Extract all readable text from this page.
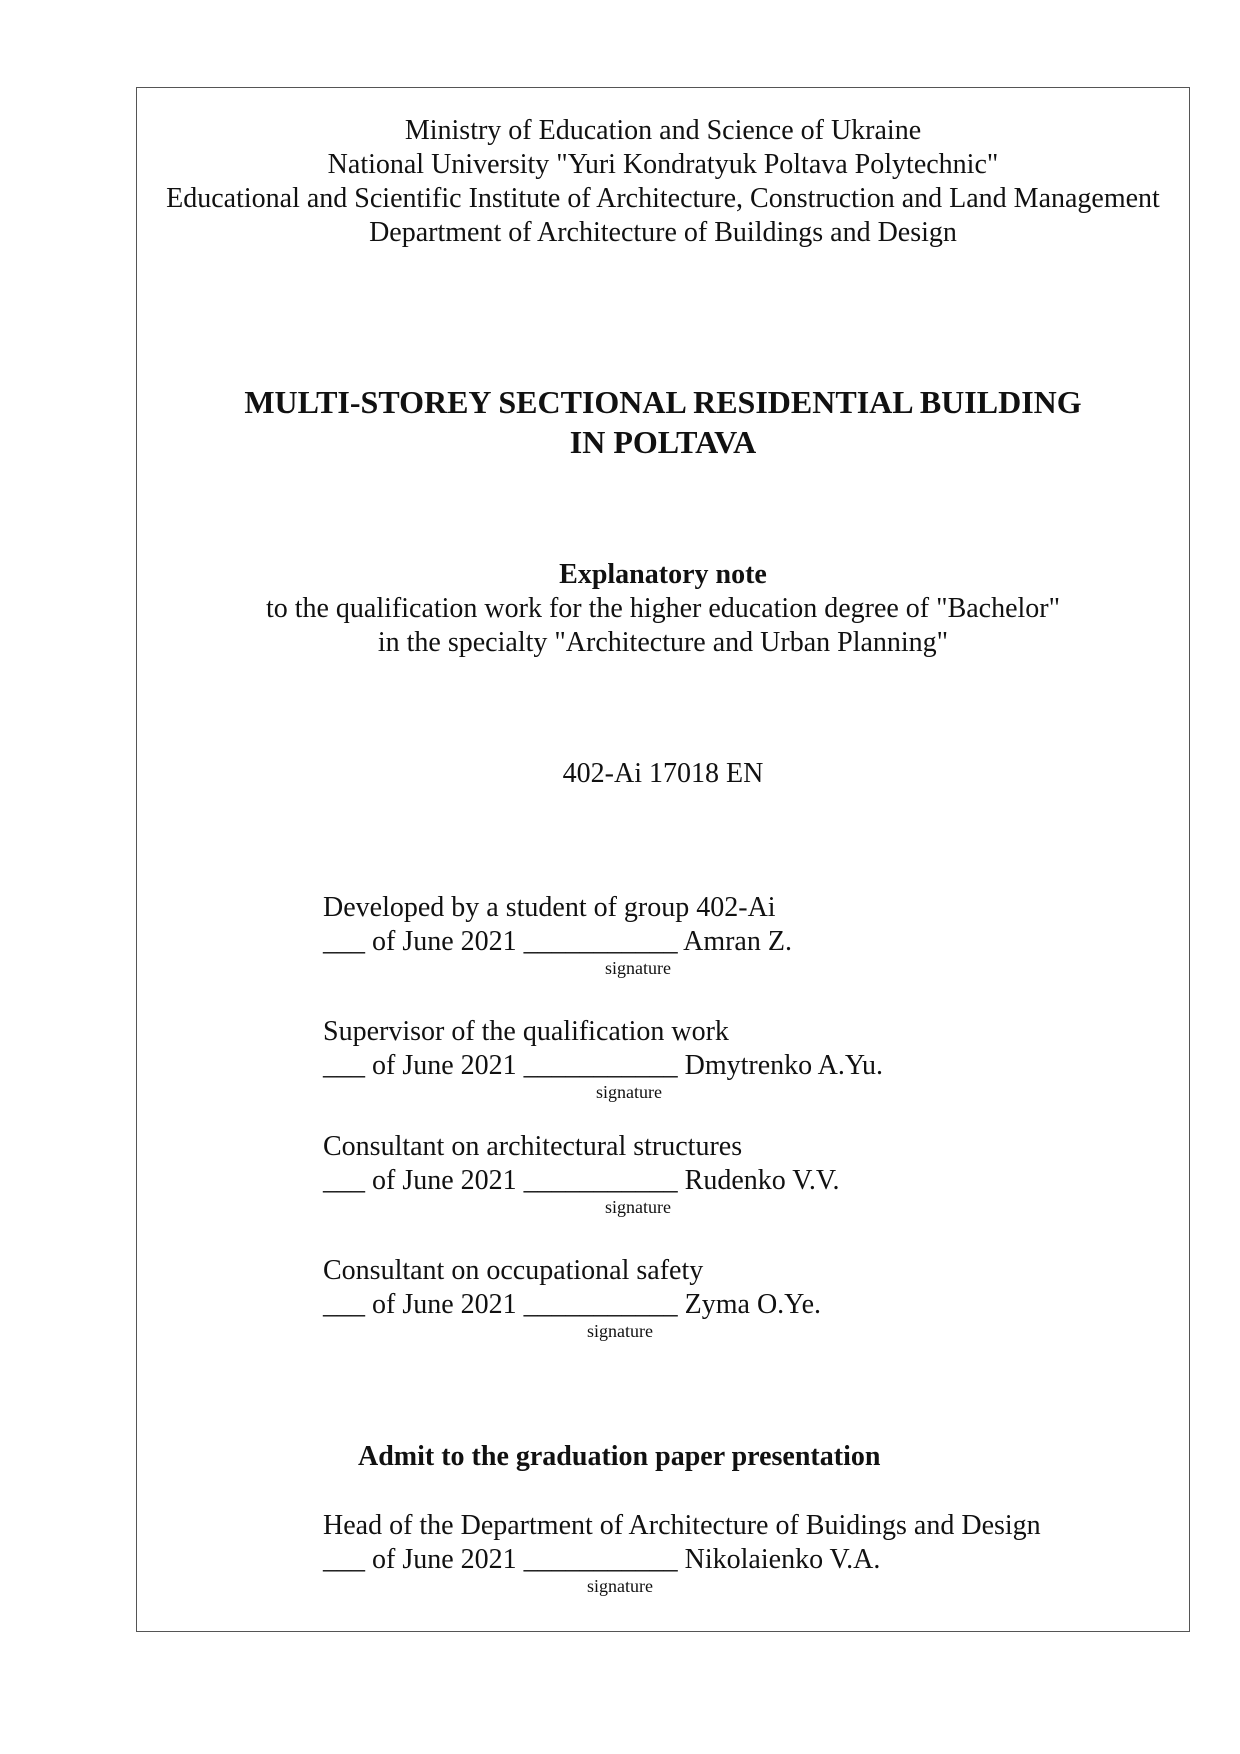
Ministry of Education and Science of Ukraine
National University "Yuri Kondratyuk Poltava Polytechnic"
Educational and Scientific Institute of Architecture, Construction and Land Management
Department of Architecture of Buildings and Design
MULTI-STOREY SECTIONAL RESIDENTIAL BUILDING
IN POLTAVA
Explanatory note
to the qualification work for the higher education degree of "Bachelor"
in the specialty "Architecture and Urban Planning"
402-Ai 17018 EN
Developed by a student of group 402-Ai
___ of June 2021 ___________ Amran Z.
signature
Supervisor of the qualification work
___ of June 2021 ___________ Dmytrenko A.Yu.
signature
Consultant on architectural structures
___ of June 2021 ___________ Rudenko V.V.
signature
Consultant on occupational safety
___ of June 2021 ___________ Zyma O.Ye.
signature
Admit to the graduation paper presentation
Head of the Department of Architecture of Buidings and Design
___ of June 2021 ___________ Nikolaienko V.A.
signature
